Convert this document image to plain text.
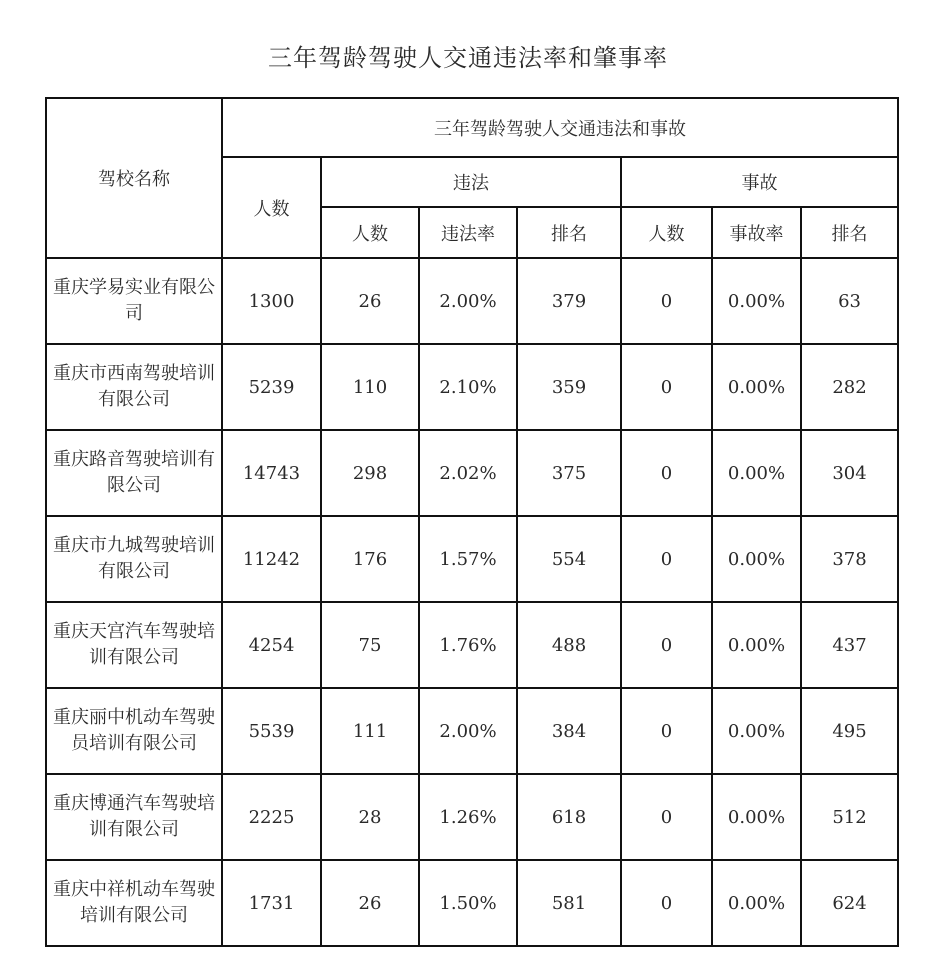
三年驾龄驾驶人交通违法率和肇事率
驾校名称	三年驾龄驾驶人交通违法和事故						
	人数	违法			事故		
		人数	违法率	排名	人数	事故率	排名
重庆学易实业有限公司	1300	26	2.00%	379	0	0.00%	63
重庆市西南驾驶培训有限公司	5239	110	2.10%	359	0	0.00%	282
重庆路音驾驶培训有限公司	14743	298	2.02%	375	0	0.00%	304
重庆市九城驾驶培训有限公司	11242	176	1.57%	554	0	0.00%	378
重庆天宫汽车驾驶培训有限公司	4254	75	1.76%	488	0	0.00%	437
重庆丽中机动车驾驶员培训有限公司	5539	111	2.00%	384	0	0.00%	495
重庆博通汽车驾驶培训有限公司	2225	28	1.26%	618	0	0.00%	512
重庆中祥机动车驾驶培训有限公司	1731	26	1.50%	581	0	0.00%	624
